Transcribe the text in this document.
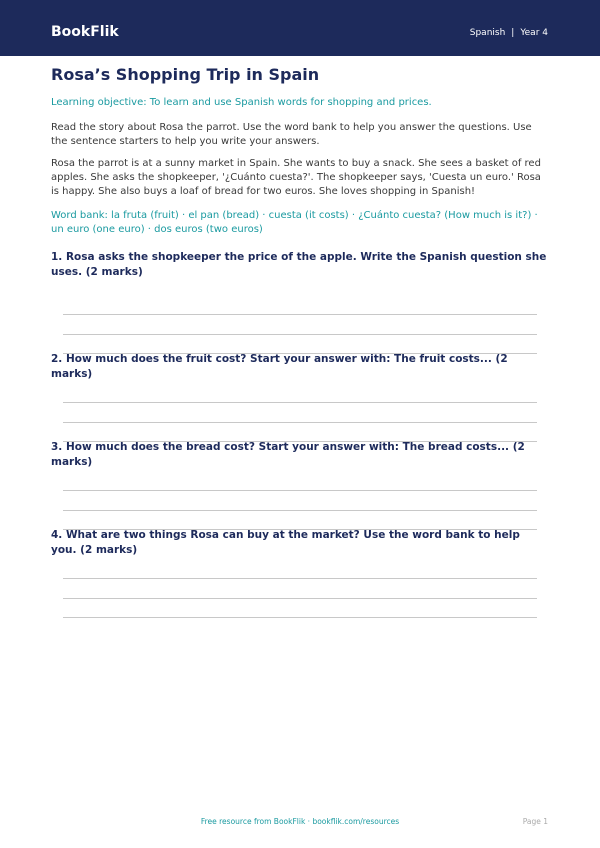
BookFlik	Spanish | Year 4
Rosa’s Shopping Trip in Spain

Learning objective: To learn and use Spanish words for shopping and prices.

Read the story about Rosa the parrot. Use the word bank to help you answer the questions. Use the sentence starters to help you write your answers.

Rosa the parrot is at a sunny market in Spain. She wants to buy a snack. She sees a basket of red apples. She asks the shopkeeper, '¿Cuánto cuesta?'. The shopkeeper says, 'Cuesta un euro.' Rosa is happy. She also buys a loaf of bread for two euros. She loves shopping in Spanish!

Word bank: la fruta (fruit) · el pan (bread) · cuesta (it costs) · ¿Cuánto cuesta? (How much is it?) · un euro (one euro) · dos euros (two euros)

1. Rosa asks the shopkeeper the price of the apple. Write the Spanish question she uses. (2 marks)
2. How much does the fruit cost? Start your answer with: The fruit costs... (2 marks)
3. How much does the bread cost? Start your answer with: The bread costs... (2 marks)
4. What are two things Rosa can buy at the market? Use the word bank to help you. (2 marks)
Free resource from BookFlik · bookflik.com/resources	Page 1
